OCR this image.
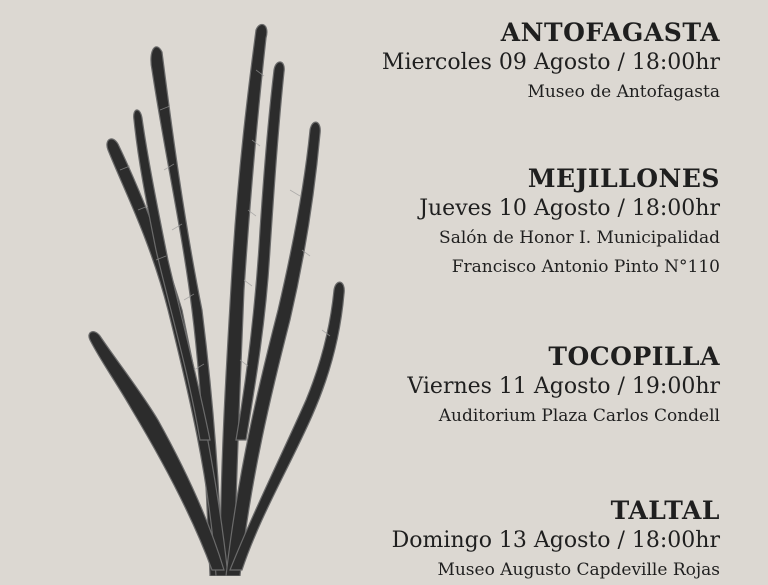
ANTOFAGASTA
Miercoles 09 Agosto / 18:00hr
Museo de Antofagasta
MEJILLONES
Jueves 10 Agosto / 18:00hr
Salón de Honor I. Municipalidad
Francisco Antonio Pinto N°110
TOCOPILLA
Viernes 11 Agosto / 19:00hr
Auditorium Plaza Carlos Condell
TALTAL
Domingo 13 Agosto / 18:00hr
Museo Augusto Capdeville Rojas
